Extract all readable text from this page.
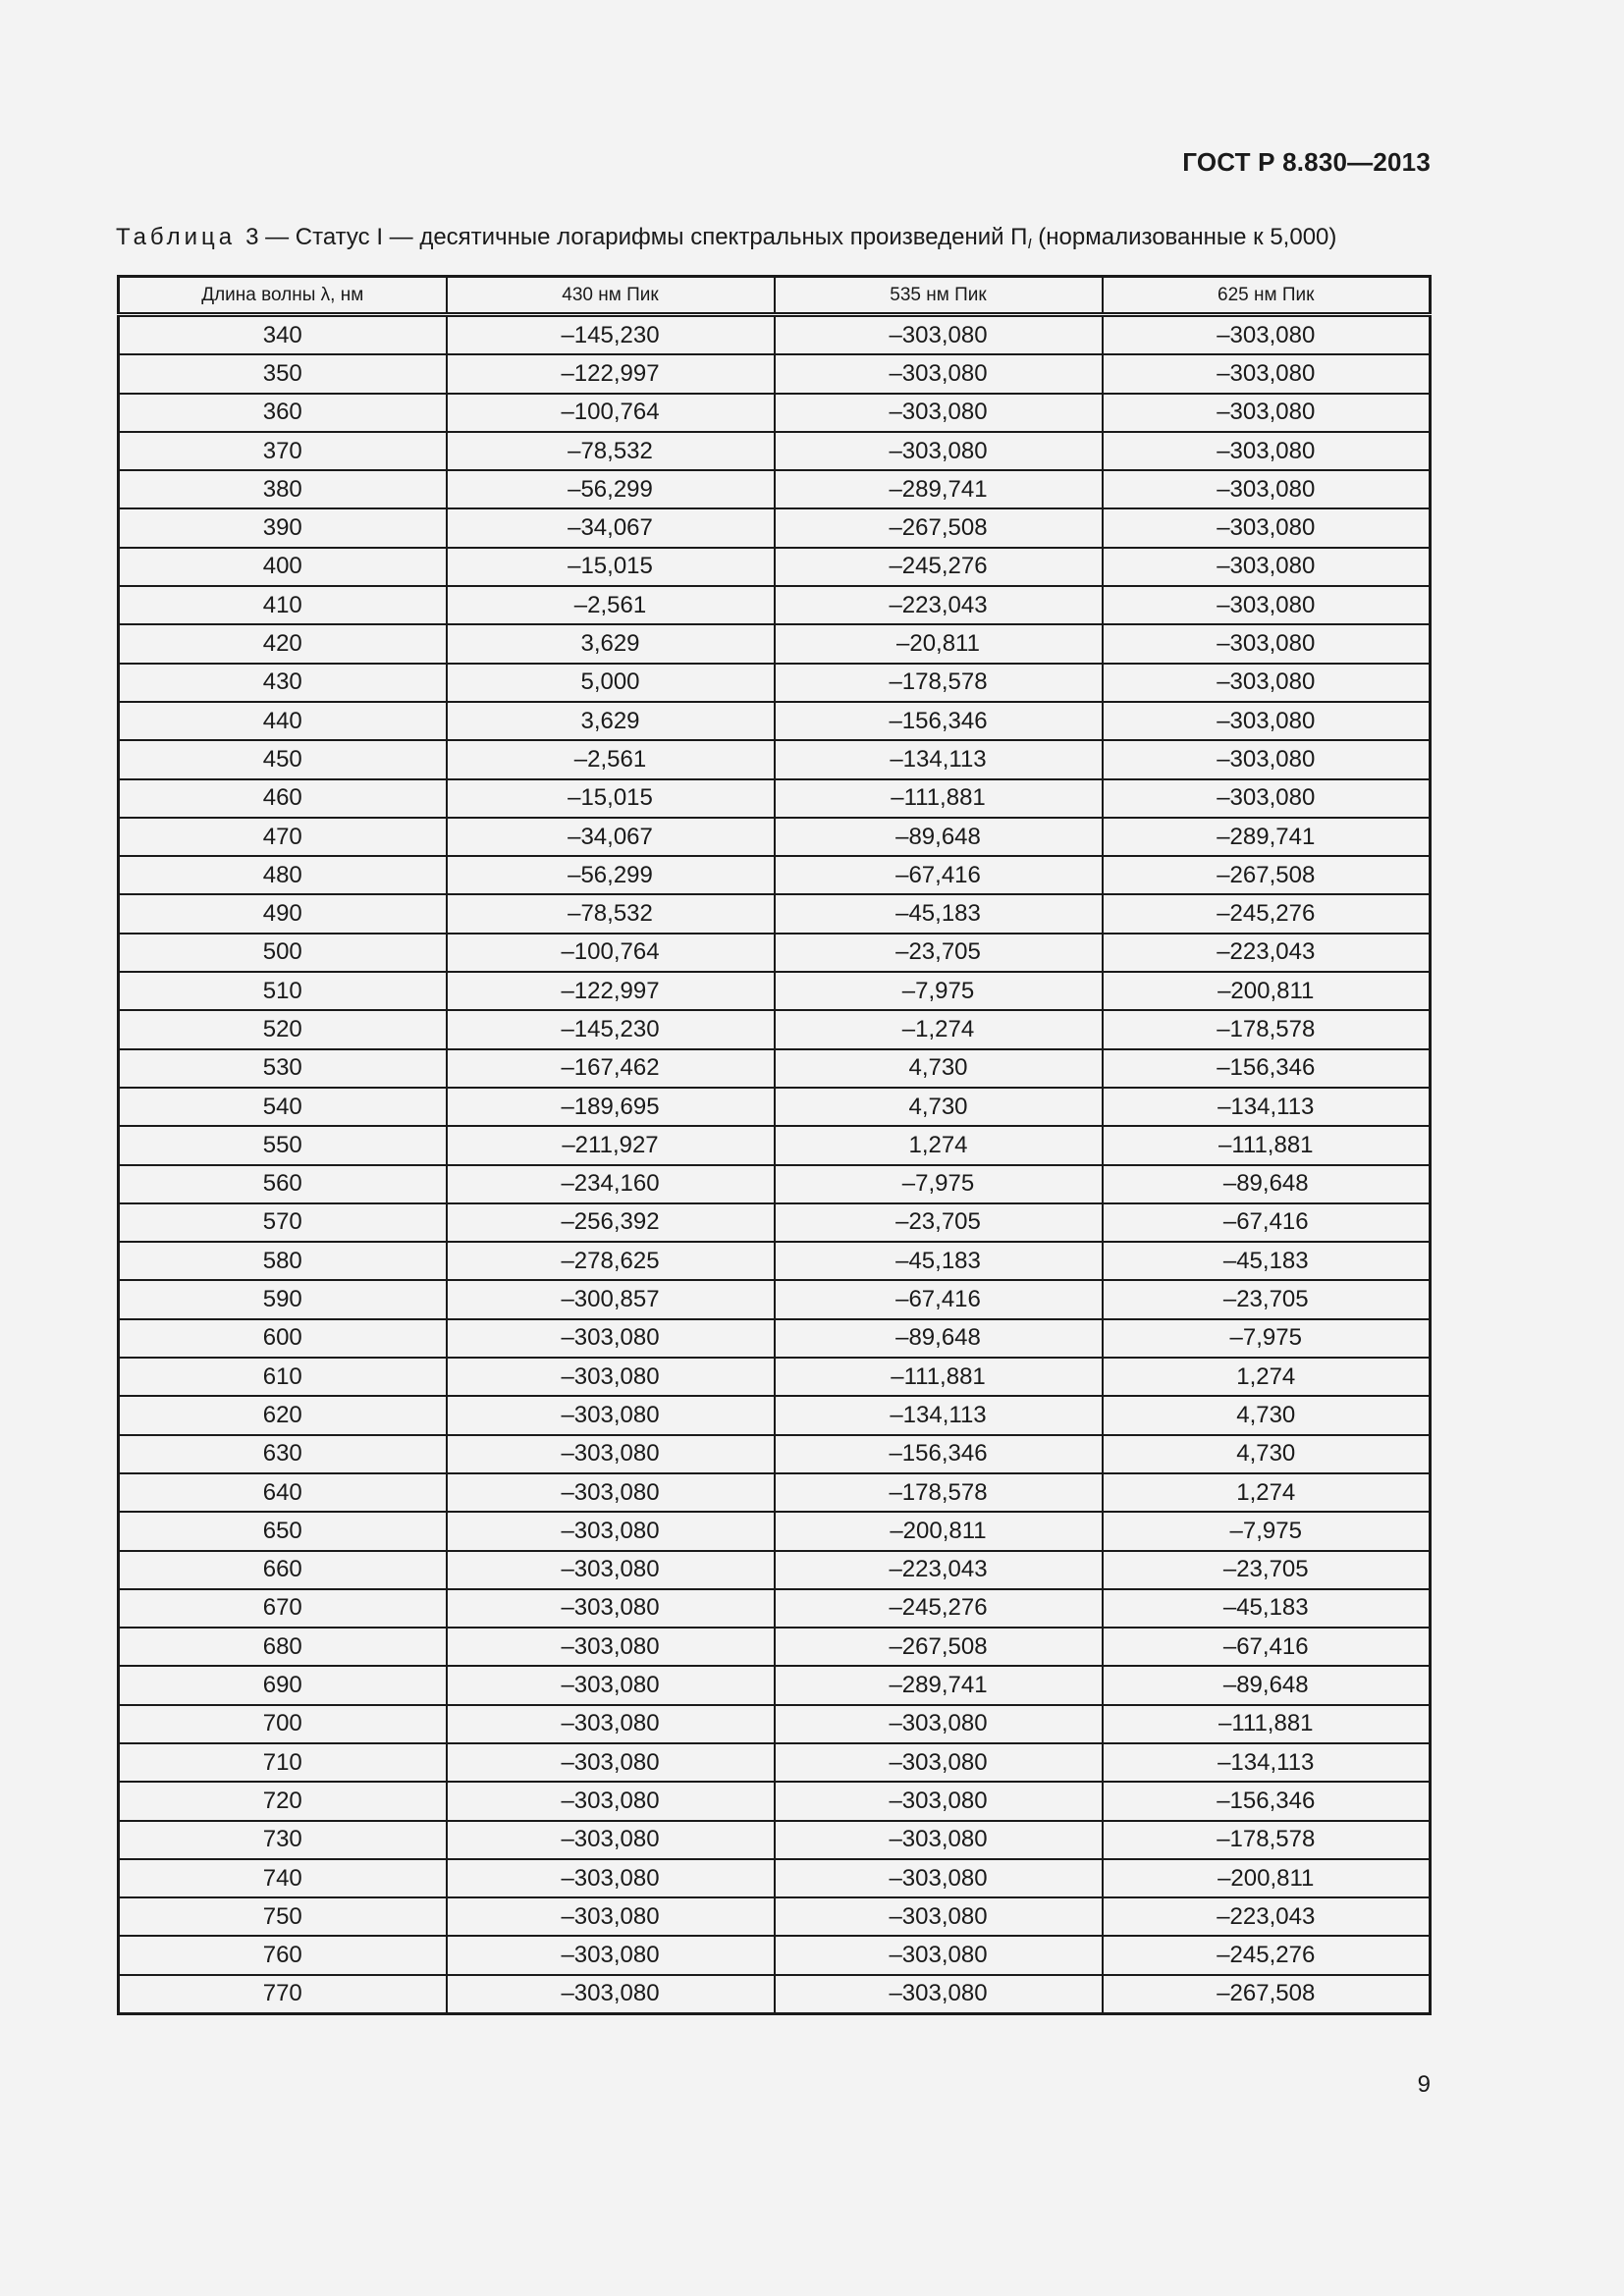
ГОСТ Р 8.830—2013
Таблица 3 — Статус I — десятичные логарифмы спектральных произведений $П_I$ (нормализованные к 5,000)
Длина волны λ, нм	430 нм Пик	535 нм Пик	625 нм Пик
340	–145,230	–303,080	–303,080
350	–122,997	–303,080	–303,080
360	–100,764	–303,080	–303,080
370	–78,532	–303,080	–303,080
380	–56,299	–289,741	–303,080
390	–34,067	–267,508	–303,080
400	–15,015	–245,276	–303,080
410	–2,561	–223,043	–303,080
420	3,629	–20,811	–303,080
430	5,000	–178,578	–303,080
440	3,629	–156,346	–303,080
450	–2,561	–134,113	–303,080
460	–15,015	–111,881	–303,080
470	–34,067	–89,648	–289,741
480	–56,299	–67,416	–267,508
490	–78,532	–45,183	–245,276
500	–100,764	–23,705	–223,043
510	–122,997	–7,975	–200,811
520	–145,230	–1,274	–178,578
530	–167,462	4,730	–156,346
540	–189,695	4,730	–134,113
550	–211,927	1,274	–111,881
560	–234,160	–7,975	–89,648
570	–256,392	–23,705	–67,416
580	–278,625	–45,183	–45,183
590	–300,857	–67,416	–23,705
600	–303,080	–89,648	–7,975
610	–303,080	–111,881	1,274
620	–303,080	–134,113	4,730
630	–303,080	–156,346	4,730
640	–303,080	–178,578	1,274
650	–303,080	–200,811	–7,975
660	–303,080	–223,043	–23,705
670	–303,080	–245,276	–45,183
680	–303,080	–267,508	–67,416
690	–303,080	–289,741	–89,648
700	–303,080	–303,080	–111,881
710	–303,080	–303,080	–134,113
720	–303,080	–303,080	–156,346
730	–303,080	–303,080	–178,578
740	–303,080	–303,080	–200,811
750	–303,080	–303,080	–223,043
760	–303,080	–303,080	–245,276
770	–303,080	–303,080	–267,508
9
